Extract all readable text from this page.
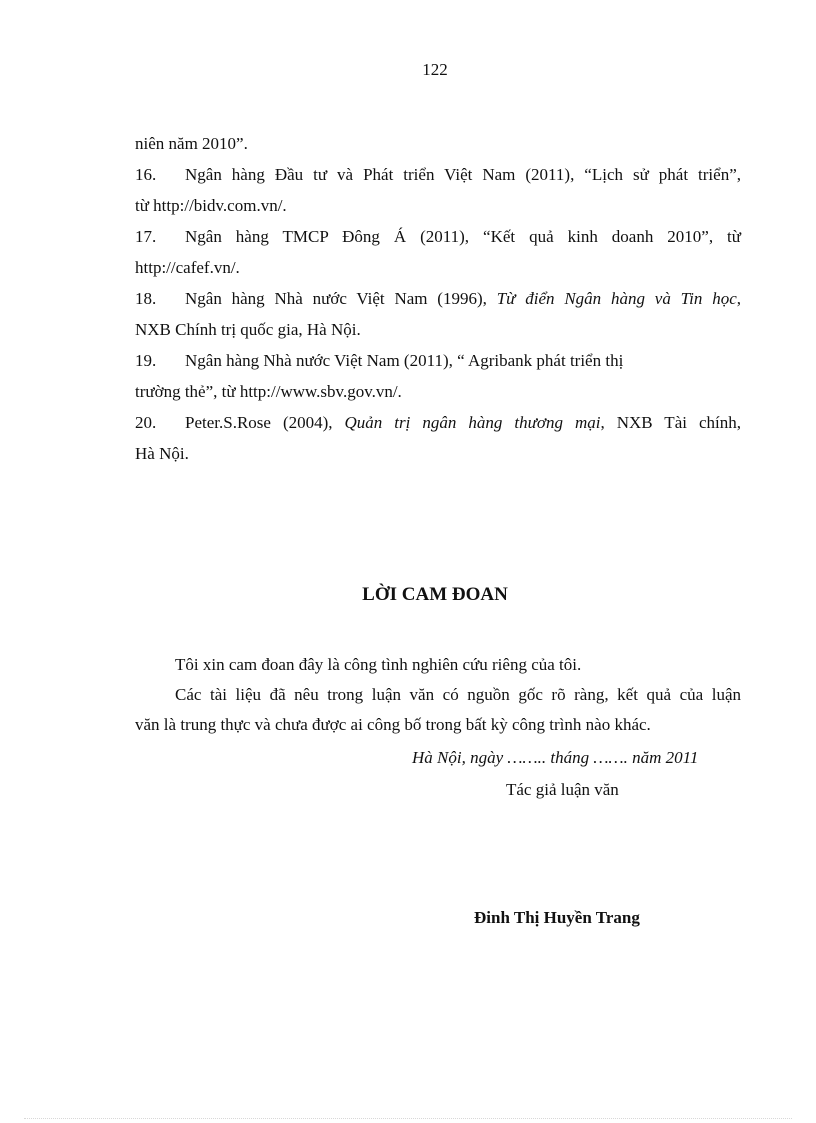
122
niên năm 2010”.
16. Ngân hàng Đầu tư và Phát triển Việt Nam (2011), “Lịch sử phát triển”,
từ http://bidv.com.vn/.
17. Ngân hàng TMCP Đông Á (2011), “Kết quả kinh doanh 2010”, từ
http://cafef.vn/.
18. Ngân hàng Nhà nước Việt Nam (1996), Từ điển Ngân hàng và Tin học,
NXB Chính trị quốc gia, Hà Nội.
19. Ngân hàng Nhà nước Việt Nam (2011), “ Agribank phát triển thị
trường thẻ”, từ http://www.sbv.gov.vn/.
20. Peter.S.Rose (2004), Quản trị ngân hàng thương mại, NXB Tài chính,
Hà Nội.
LỜI CAM ĐOAN
Tôi xin cam đoan đây là công tình nghiên cứu riêng của tôi.
Các tài liệu đã nêu trong luận văn có nguồn gốc rõ ràng, kết quả của luận
văn là trung thực và chưa được ai công bố trong bất kỳ công trình nào khác.
Hà Nội, ngày …….. tháng ……. năm 2011
Tác giả luận văn
Đinh Thị Huyền Trang
